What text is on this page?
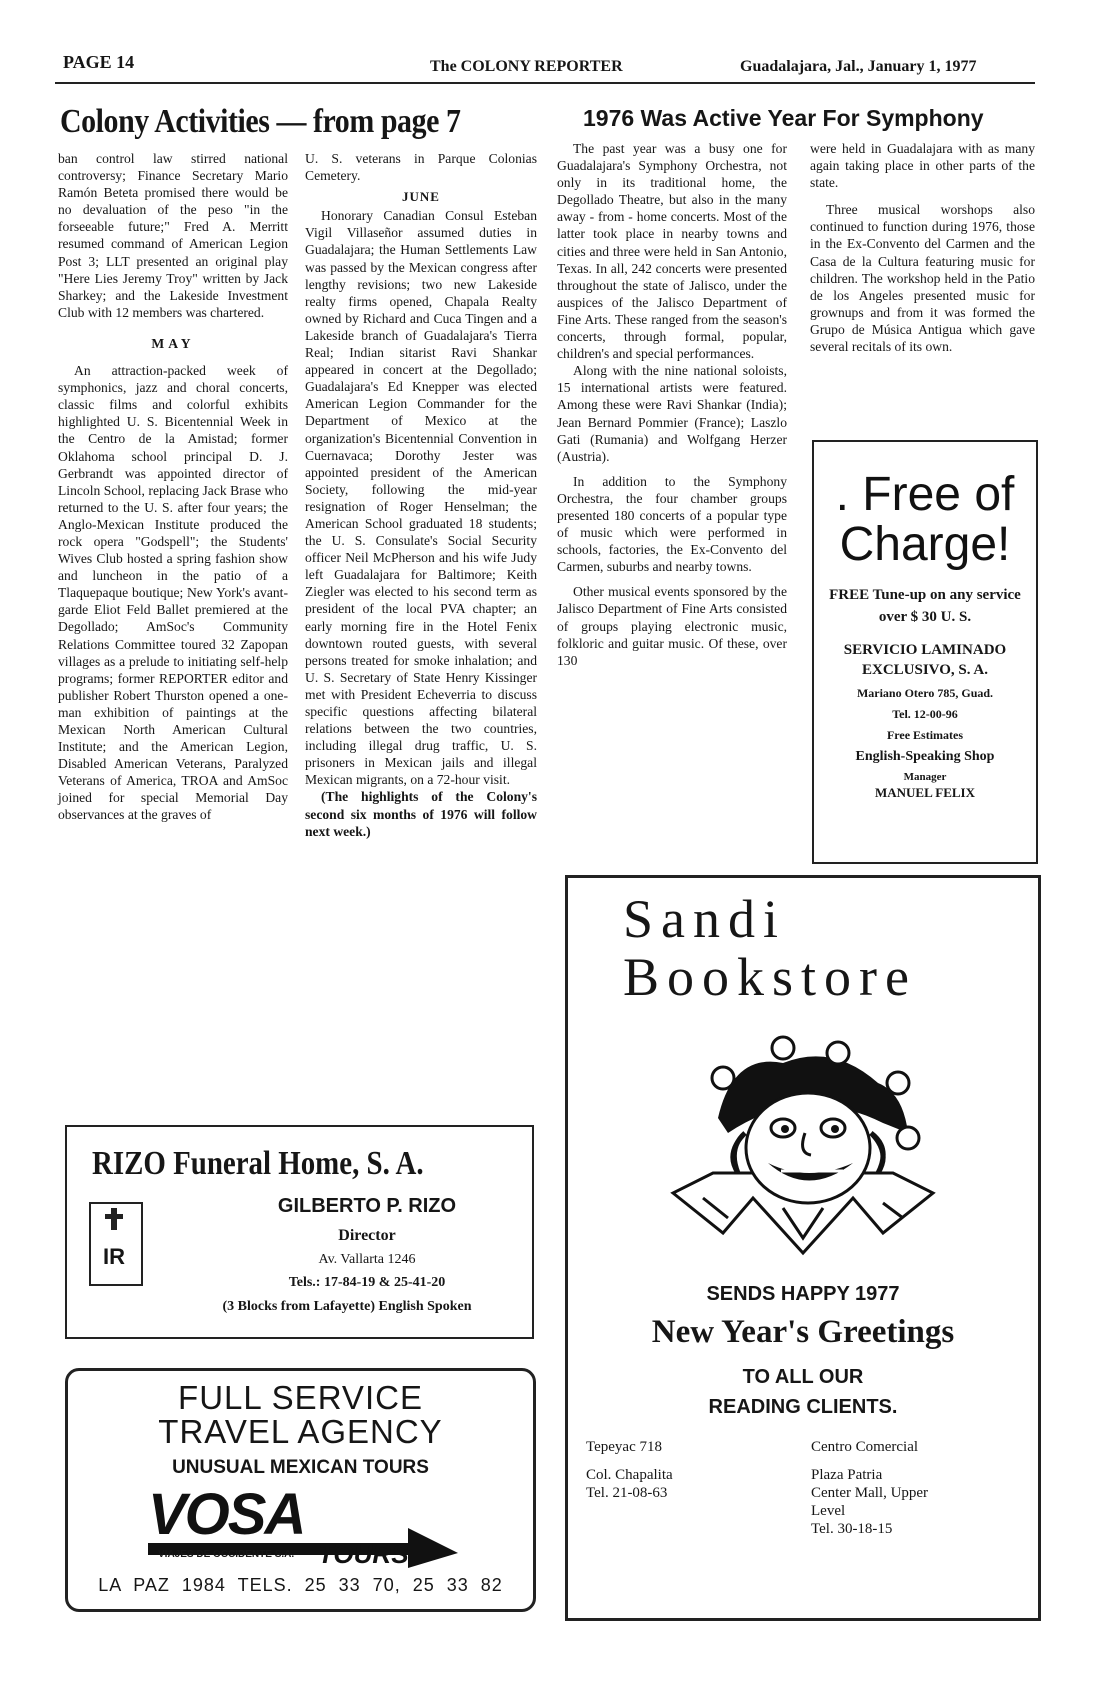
PAGE 14	The COLONY REPORTER	Guadalajara, Jal., January 1, 1977
Colony Activities — from page 7

ban control law stirred national controversy; Finance Secretary Mario Ramón Beteta promised there would be no devaluation of the peso "in the forseeable future;" Fred A. Merritt resumed command of American Legion Post 3; LLT presented an original play "Here Lies Jeremy Troy" written by Jack Sharkey; and the Lakeside Investment Club with 12 members was chartered.

MAY

An attraction-packed week of symphonics, jazz and choral concerts, classic films and colorful exhibits highlighted U. S. Bicentennial Week in the Centro de la Amistad; former Oklahoma school principal D. J. Gerbrandt was appointed director of Lincoln School, replacing Jack Brase who returned to the U. S. after four years; the Anglo-Mexican Institute produced the rock opera "Godspell"; the Students' Wives Club hosted a spring fashion show and luncheon in the patio of a Tlaquepaque boutique; New York's avant-garde Eliot Feld Ballet premiered at the Degollado; AmSoc's Community Relations Committee toured 32 Zapopan villages as a prelude to initiating self-help programs; former REPORTER editor and publisher Robert Thurston opened a one-man exhibition of paintings at the Mexican North American Cultural Institute; and the American Legion, Disabled American Veterans, Paralyzed Veterans of America, TROA and AmSoc joined for special Memorial Day observances at the graves of

U. S. veterans in Parque Colonias Cemetery.

JUNE

Honorary Canadian Consul Esteban Vigil Villaseñor assumed duties in Guadalajara; the Human Settlements Law was passed by the Mexican congress after lengthy revisions; two new Lakeside realty firms opened, Chapala Realty owned by Richard and Cuca Tingen and a Lakeside branch of Guadalajara's Tierra Real; Indian sitarist Ravi Shankar appeared in concert at the Degollado; Guadalajara's Ed Knepper was elected American Legion Commander for the Department of Mexico at the organization's Bicentennial Convention in Cuernavaca; Dorothy Jester was appointed president of the American Society, following the mid-year resignation of Roger Henselman; the American School graduated 18 students; the U. S. Consulate's Social Security officer Neil McPherson and his wife Judy left Guadalajara for Baltimore; Keith Ziegler was elected to his second term as president of the local PVA chapter; an early morning fire in the Hotel Fenix downtown routed guests, with several persons treated for smoke inhalation; and U. S. Secretary of State Henry Kissinger met with President Echeverria to discuss specific questions affecting bilateral relations between the two countries, including illegal drug traffic, U. S. prisoners in Mexican jails and illegal Mexican migrants, on a 72-hour visit.

(The highlights of the Colony's second six months of 1976 will follow next week.)

1976 Was Active Year For Symphony

The past year was a busy one for Guadalajara's Symphony Orchestra, not only in its traditional home, the Degollado Theatre, but also in the many away - from - home concerts. Most of the latter took place in nearby towns and cities and three were held in San Antonio, Texas. In all, 242 concerts were presented throughout the state of Jalisco, under the auspices of the Jalisco Department of Fine Arts. These ranged from the season's concerts, through formal, popular, children's and special performances.

Along with the nine national soloists, 15 international artists were featured. Among these were Ravi Shankar (India); Jean Bernard Pommier (France); Laszlo Gati (Rumania) and Wolfgang Herzer (Austria).

In addition to the Symphony Orchestra, the four chamber groups presented 180 concerts of a popular type of music which were performed in schools, factories, the Ex-Convento del Carmen, suburbs and nearby towns.

Other musical events sponsored by the Jalisco Department of Fine Arts consisted of groups playing electronic music, folkloric and guitar music. Of these, over 130

were held in Guadalajara with as many again taking place in other parts of the state.

Three musical worshops also continued to function during 1976, those in the Ex-Convento del Carmen and the Casa de la Cultura featuring music for children. The workshop held in the Patio de los Angeles presented music for grownups and from it was formed the Grupo de Música Antigua which gave several recitals of its own.

. Free of
Charge!
FREE Tune-up on any service over $ 30 U. S.
SERVICIO LAMINADO EXCLUSIVO, S. A.
Mariano Otero 785, Guad.
Tel. 12-00-96
Free Estimates
English-Speaking Shop
Manager
MANUEL FELIX
RIZO Funeral Home, S. A.
IR
GILBERTO P. RIZO
Director
Av. Vallarta 1246
Tels.: 17-84-19 & 25-41-20
(3 Blocks from Lafayette) English Spoken
FULL SERVICE
TRAVEL AGENCY
UNUSUAL MEXICAN TOURS
VOSA
TOURS
VIAJES DE OCCIDENTE S.A.
LA PAZ 1984 TELS. 25 33 70, 25 33 82
Sandi
Bookstore
SENDS HAPPY 1977
New Year's Greetings
TO ALL OUR
READING CLIENTS.
Tepeyac 718
Col. Chapalita
Tel. 21-08-63
Centro Comercial
Plaza Patria
Center Mall, Upper
Level
Tel. 30-18-15
